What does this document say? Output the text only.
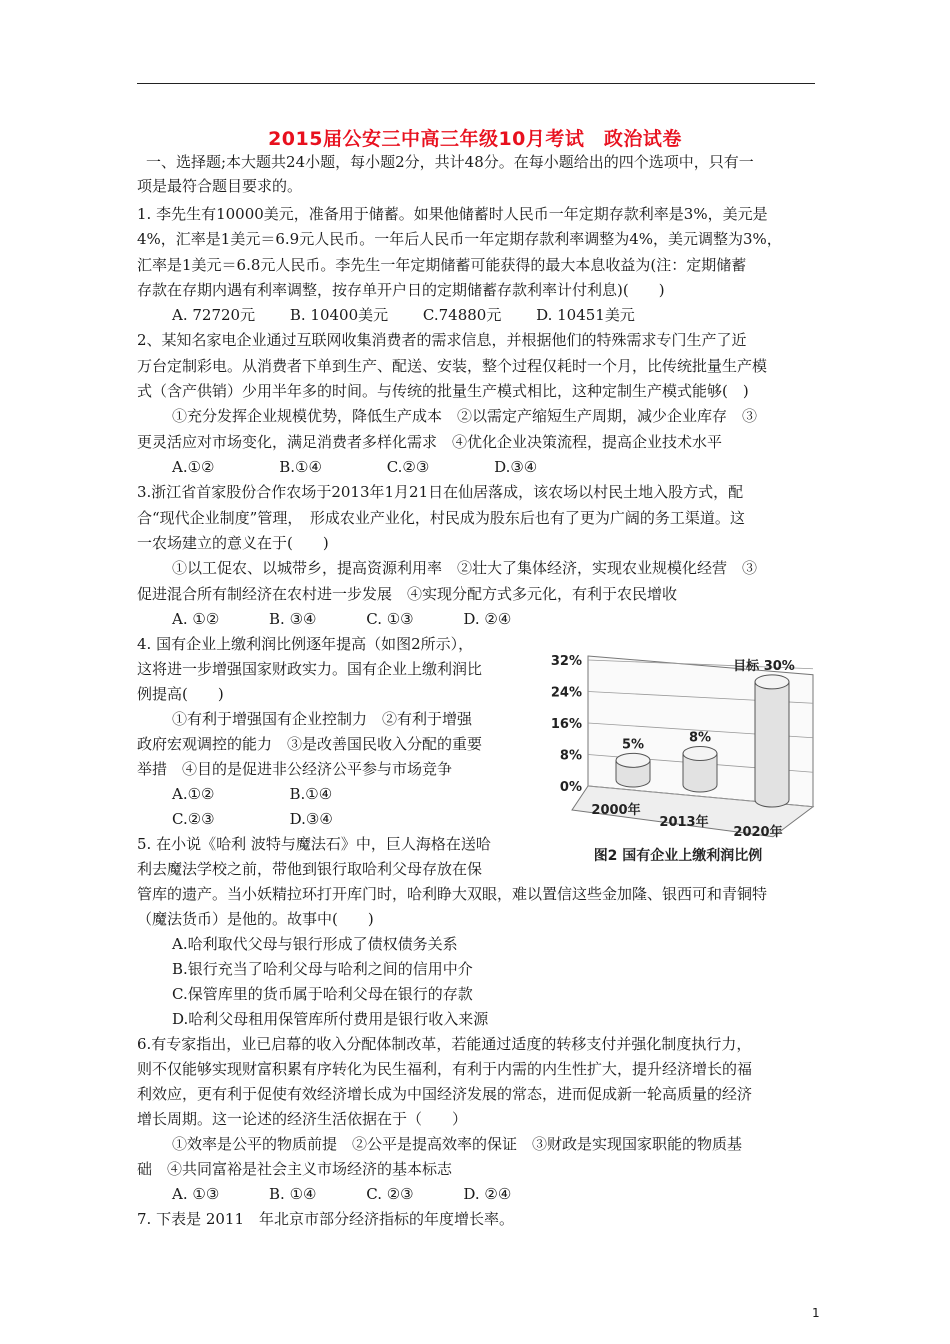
2015届公安三中高三年级10月考试　政治试卷
一、选择题;本大题共24小题，每小题2分，共计48分。在每小题给出的四个选项中，只有一
项是最符合题目要求的。
1. 李先生有10000美元，准备用于储蓄。如果他储蓄时人民币一年定期存款利率是3%，美元是
4%，汇率是1美元＝6.9元人民币。一年后人民币一年定期存款利率调整为4%，美元调整为3%，
汇率是1美元＝6.8元人民币。李先生一年定期储蓄可能获得的最大本息收益为(注：定期储蓄
存款在存期内遇有利率调整，按存单开户日的定期储蓄存款利率计付利息)(　　)
A. 72720元　　 B. 10400美元　　 C.74880元　　 D. 10451美元
2、某知名家电企业通过互联网收集消费者的需求信息，并根据他们的特殊需求专门生产了近
万台定制彩电。从消费者下单到生产、配送、安装，整个过程仅耗时一个月，比传统批量生产模
式（含产供销）少用半年多的时间。与传统的批量生产模式相比，这种定制生产模式能够(　)
①充分发挥企业规模优势，降低生产成本　②以需定产缩短生产周期，减少企业库存　③
更灵活应对市场变化，满足消费者多样化需求　④优化企业决策流程，提高企业技术水平
A.①②　　　　 B.①④　　　　 C.②③　　　　 D.③④
3.浙江省首家股份合作农场于2013年1月21日在仙居落成，该农场以村民土地入股方式，配
合“现代企业制度”管理，　形成农业产业化，村民成为股东后也有了更为广阔的务工渠道。这
一农场建立的意义在于(　　)
①以工促农、以城带乡，提高资源利用率　②壮大了集体经济，实现农业规模化经营　③
促进混合所有制经济在农村进一步发展　④实现分配方式多元化，有利于农民增收
A. ①②　　　 B. ③④　　　 C. ①③　　　 D. ②④
4. 国有企业上缴利润比例逐年提高（如图2所示），
这将进一步增强国家财政实力。国有企业上缴利润比
例提高(　　)
①有利于增强国有企业控制力　②有利于增强
政府宏观调控的能力　③是改善国民收入分配的重要
举措　④目的是促进非公经济公平参与市场竞争
A.①②　　　　　B.①④
C.②③　　　　　D.③④
5. 在小说《哈利 波特与魔法石》中，巨人海格在送哈
利去魔法学校之前，带他到银行取哈利父母存放在保
管库的遗产。当小妖精拉环打开库门时，哈利睁大双眼，难以置信这些金加隆、银西可和青铜特
（魔法货币）是他的。故事中(　　)
A.哈利取代父母与银行形成了债权债务关系
B.银行充当了哈利父母与哈利之间的信用中介
C.保管库里的货币属于哈利父母在银行的存款
D.哈利父母租用保管库所付费用是银行收入来源
6.有专家指出，业已启幕的收入分配体制改革，若能通过适度的转移支付并强化制度执行力，
则不仅能够实现财富积累有序转化为民生福利，有利于内需的内生性扩大，提升经济增长的福
利效应，更有利于促使有效经济增长成为中国经济发展的常态，进而促成新一轮高质量的经济
增长周期。这一论述的经济生活依据在于（　　）
①效率是公平的物质前提　②公平是提高效率的保证　③财政是实现国家职能的物质基
础　④共同富裕是社会主义市场经济的基本标志
A. ①③　　　 B. ①④　　　 C. ②③　　　 D. ②④
7. 下表是 2011　年北京市部分经济指标的年度增长率。
0%
8%
16%
24%
32%
5%	8%
目标 30%
2000年
2013年
2020年
图2 国有企业上缴利润比例
1
